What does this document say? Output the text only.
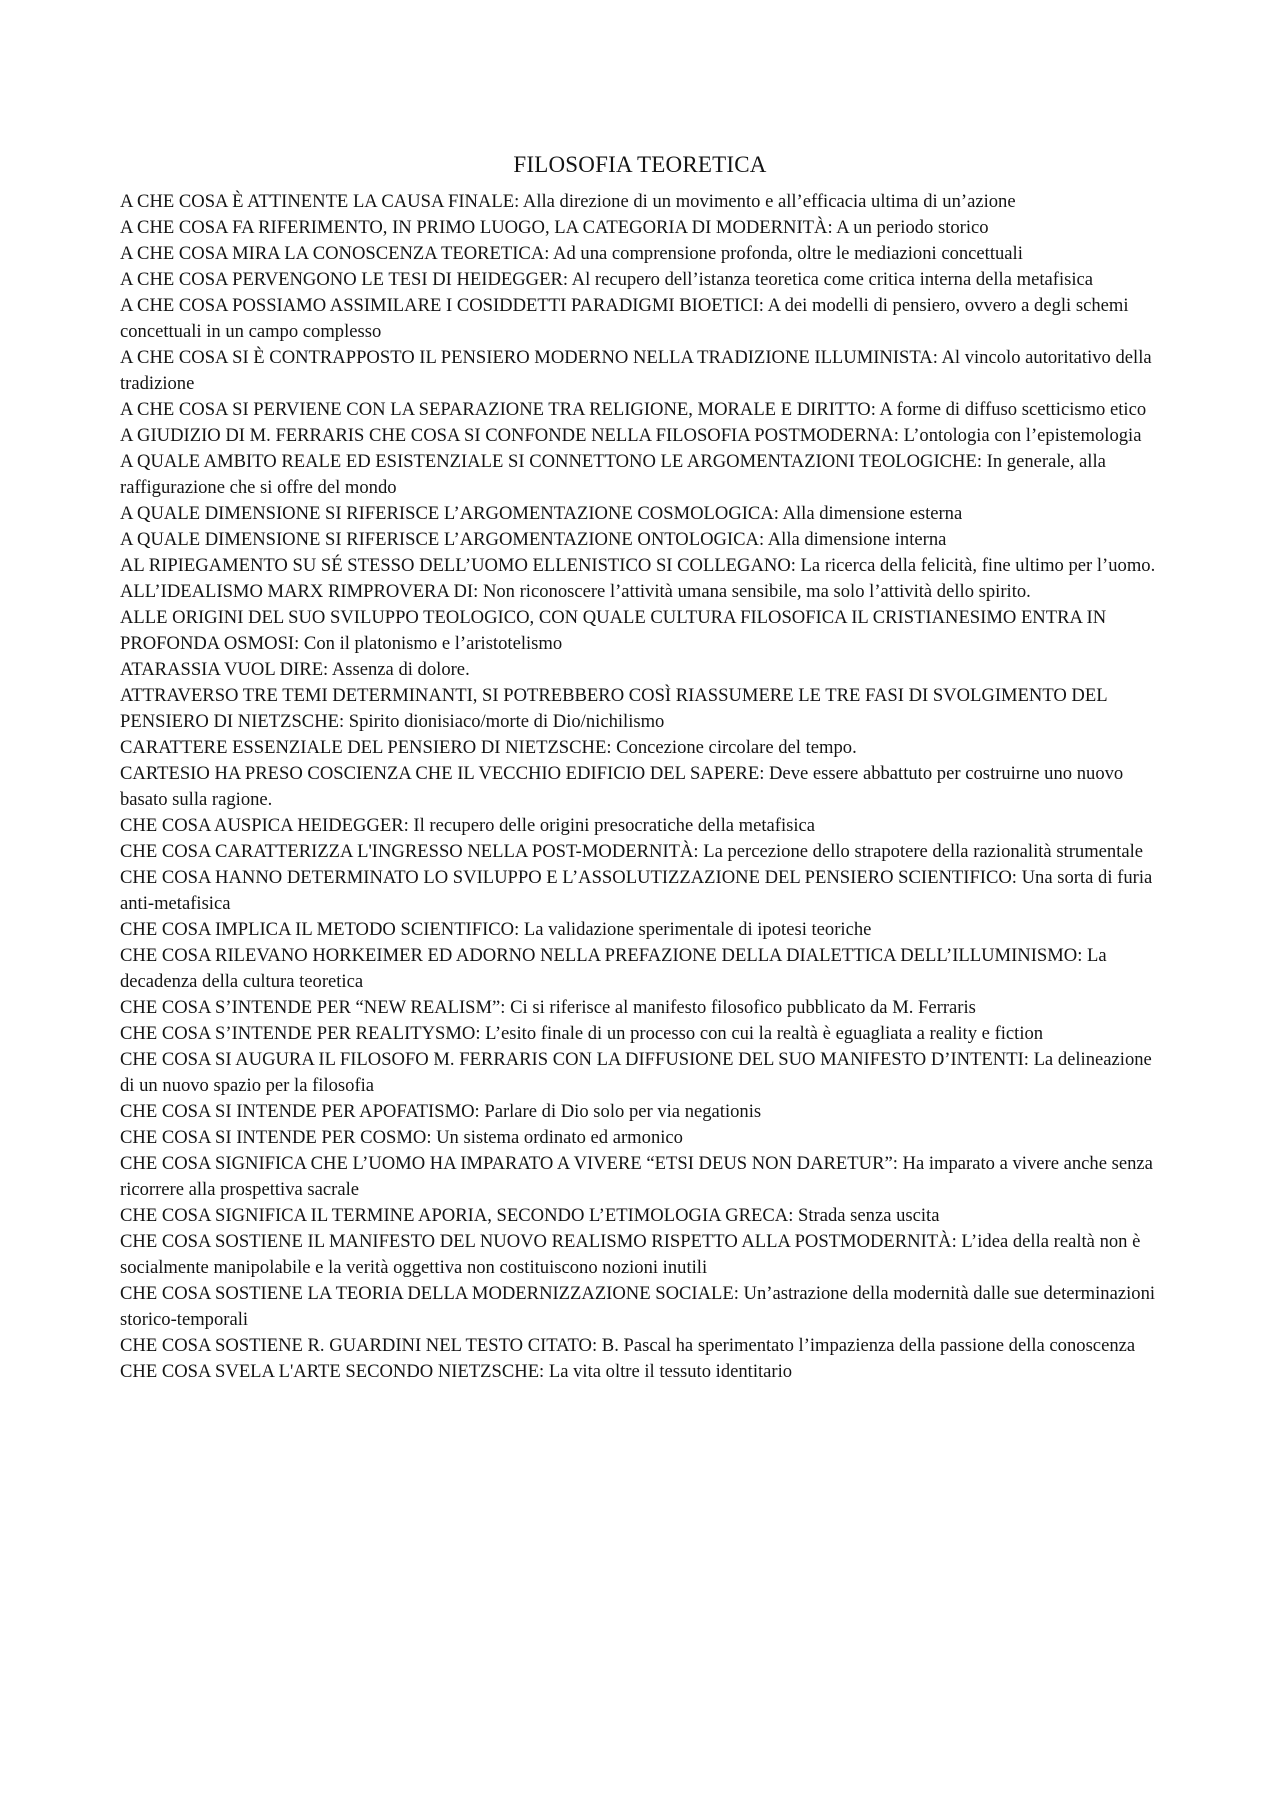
FILOSOFIA TEORETICA
A CHE COSA È ATTINENTE LA CAUSA FINALE: Alla direzione di un movimento e all’efficacia ultima di un’azione
A CHE COSA FA RIFERIMENTO, IN PRIMO LUOGO, LA CATEGORIA DI MODERNITÀ: A un periodo storico
A CHE COSA MIRA LA CONOSCENZA TEORETICA: Ad una comprensione profonda, oltre le mediazioni concettuali
A CHE COSA PERVENGONO LE TESI DI HEIDEGGER: Al recupero dell’istanza teoretica come critica interna della metafisica
A CHE COSA POSSIAMO ASSIMILARE I COSIDDETTI PARADIGMI BIOETICI: A dei modelli di pensiero, ovvero a degli schemi concettuali in un campo complesso
A CHE COSA SI È CONTRAPPOSTO IL PENSIERO MODERNO NELLA TRADIZIONE ILLUMINISTA: Al vincolo autoritativo della tradizione
A CHE COSA SI PERVIENE CON LA SEPARAZIONE TRA RELIGIONE, MORALE E DIRITTO: A forme di diffuso scetticismo etico
A GIUDIZIO DI M. FERRARIS CHE COSA SI CONFONDE NELLA FILOSOFIA POSTMODERNA: L’ontologia con l’epistemologia
A QUALE AMBITO REALE ED ESISTENZIALE SI CONNETTONO LE ARGOMENTAZIONI TEOLOGICHE: In generale, alla raffigurazione che si offre del mondo
A QUALE DIMENSIONE SI RIFERISCE L’ARGOMENTAZIONE COSMOLOGICA: Alla dimensione esterna
A QUALE DIMENSIONE SI RIFERISCE L’ARGOMENTAZIONE ONTOLOGICA: Alla dimensione interna
AL RIPIEGAMENTO SU SÉ STESSO DELL’UOMO ELLENISTICO SI COLLEGANO: La ricerca della felicità, fine ultimo per l’uomo.
ALL’IDEALISMO MARX RIMPROVERA DI: Non riconoscere l’attività umana sensibile, ma solo l’attività dello spirito.
ALLE ORIGINI DEL SUO SVILUPPO TEOLOGICO, CON QUALE CULTURA FILOSOFICA IL CRISTIANESIMO ENTRA IN PROFONDA OSMOSI: Con il platonismo e l’aristotelismo
ATARASSIA VUOL DIRE: Assenza di dolore.
ATTRAVERSO TRE TEMI DETERMINANTI, SI POTREBBERO COSÌ RIASSUMERE LE TRE FASI DI SVOLGIMENTO DEL PENSIERO DI NIETZSCHE: Spirito dionisiaco/morte di Dio/nichilismo
CARATTERE ESSENZIALE DEL PENSIERO DI NIETZSCHE: Concezione circolare del tempo.
CARTESIO HA PRESO COSCIENZA CHE IL VECCHIO EDIFICIO DEL SAPERE: Deve essere abbattuto per costruirne uno nuovo basato sulla ragione.
CHE COSA AUSPICA HEIDEGGER: Il recupero delle origini presocratiche della metafisica
CHE COSA CARATTERIZZA L'INGRESSO NELLA POST-MODERNITÀ: La percezione dello strapotere della razionalità strumentale
CHE COSA HANNO DETERMINATO LO SVILUPPO E L’ASSOLUTIZZAZIONE DEL PENSIERO SCIENTIFICO: Una sorta di furia anti-metafisica
CHE COSA IMPLICA IL METODO SCIENTIFICO: La validazione sperimentale di ipotesi teoriche
CHE COSA RILEVANO HORKEIMER ED ADORNO NELLA PREFAZIONE DELLA DIALETTICA DELL’ILLUMINISMO: La decadenza della cultura teoretica
CHE COSA S’INTENDE PER “NEW REALISM”: Ci si riferisce al manifesto filosofico pubblicato da M. Ferraris
CHE COSA S’INTENDE PER REALITYSMO: L’esito finale di un processo con cui la realtà è eguagliata a reality e fiction
CHE COSA SI AUGURA IL FILOSOFO M. FERRARIS CON LA DIFFUSIONE DEL SUO MANIFESTO D’INTENTI: La delineazione di un nuovo spazio per la filosofia
CHE COSA SI INTENDE PER APOFATISMO: Parlare di Dio solo per via negationis
CHE COSA SI INTENDE PER COSMO: Un sistema ordinato ed armonico
CHE COSA SIGNIFICA CHE L’UOMO HA IMPARATO A VIVERE “ETSI DEUS NON DARETUR”: Ha imparato a vivere anche senza ricorrere alla prospettiva sacrale
CHE COSA SIGNIFICA IL TERMINE APORIA, SECONDO L’ETIMOLOGIA GRECA: Strada senza uscita
CHE COSA SOSTIENE IL MANIFESTO DEL NUOVO REALISMO RISPETTO ALLA POSTMODERNITÀ: L’idea della realtà non è socialmente manipolabile e la verità oggettiva non costituiscono nozioni inutili
CHE COSA SOSTIENE LA TEORIA DELLA MODERNIZZAZIONE SOCIALE: Un’astrazione della modernità dalle sue determinazioni storico-temporali
CHE COSA SOSTIENE R. GUARDINI NEL TESTO CITATO: B. Pascal ha sperimentato l’impazienza della passione della conoscenza
CHE COSA SVELA L'ARTE SECONDO NIETZSCHE: La vita oltre il tessuto identitario
